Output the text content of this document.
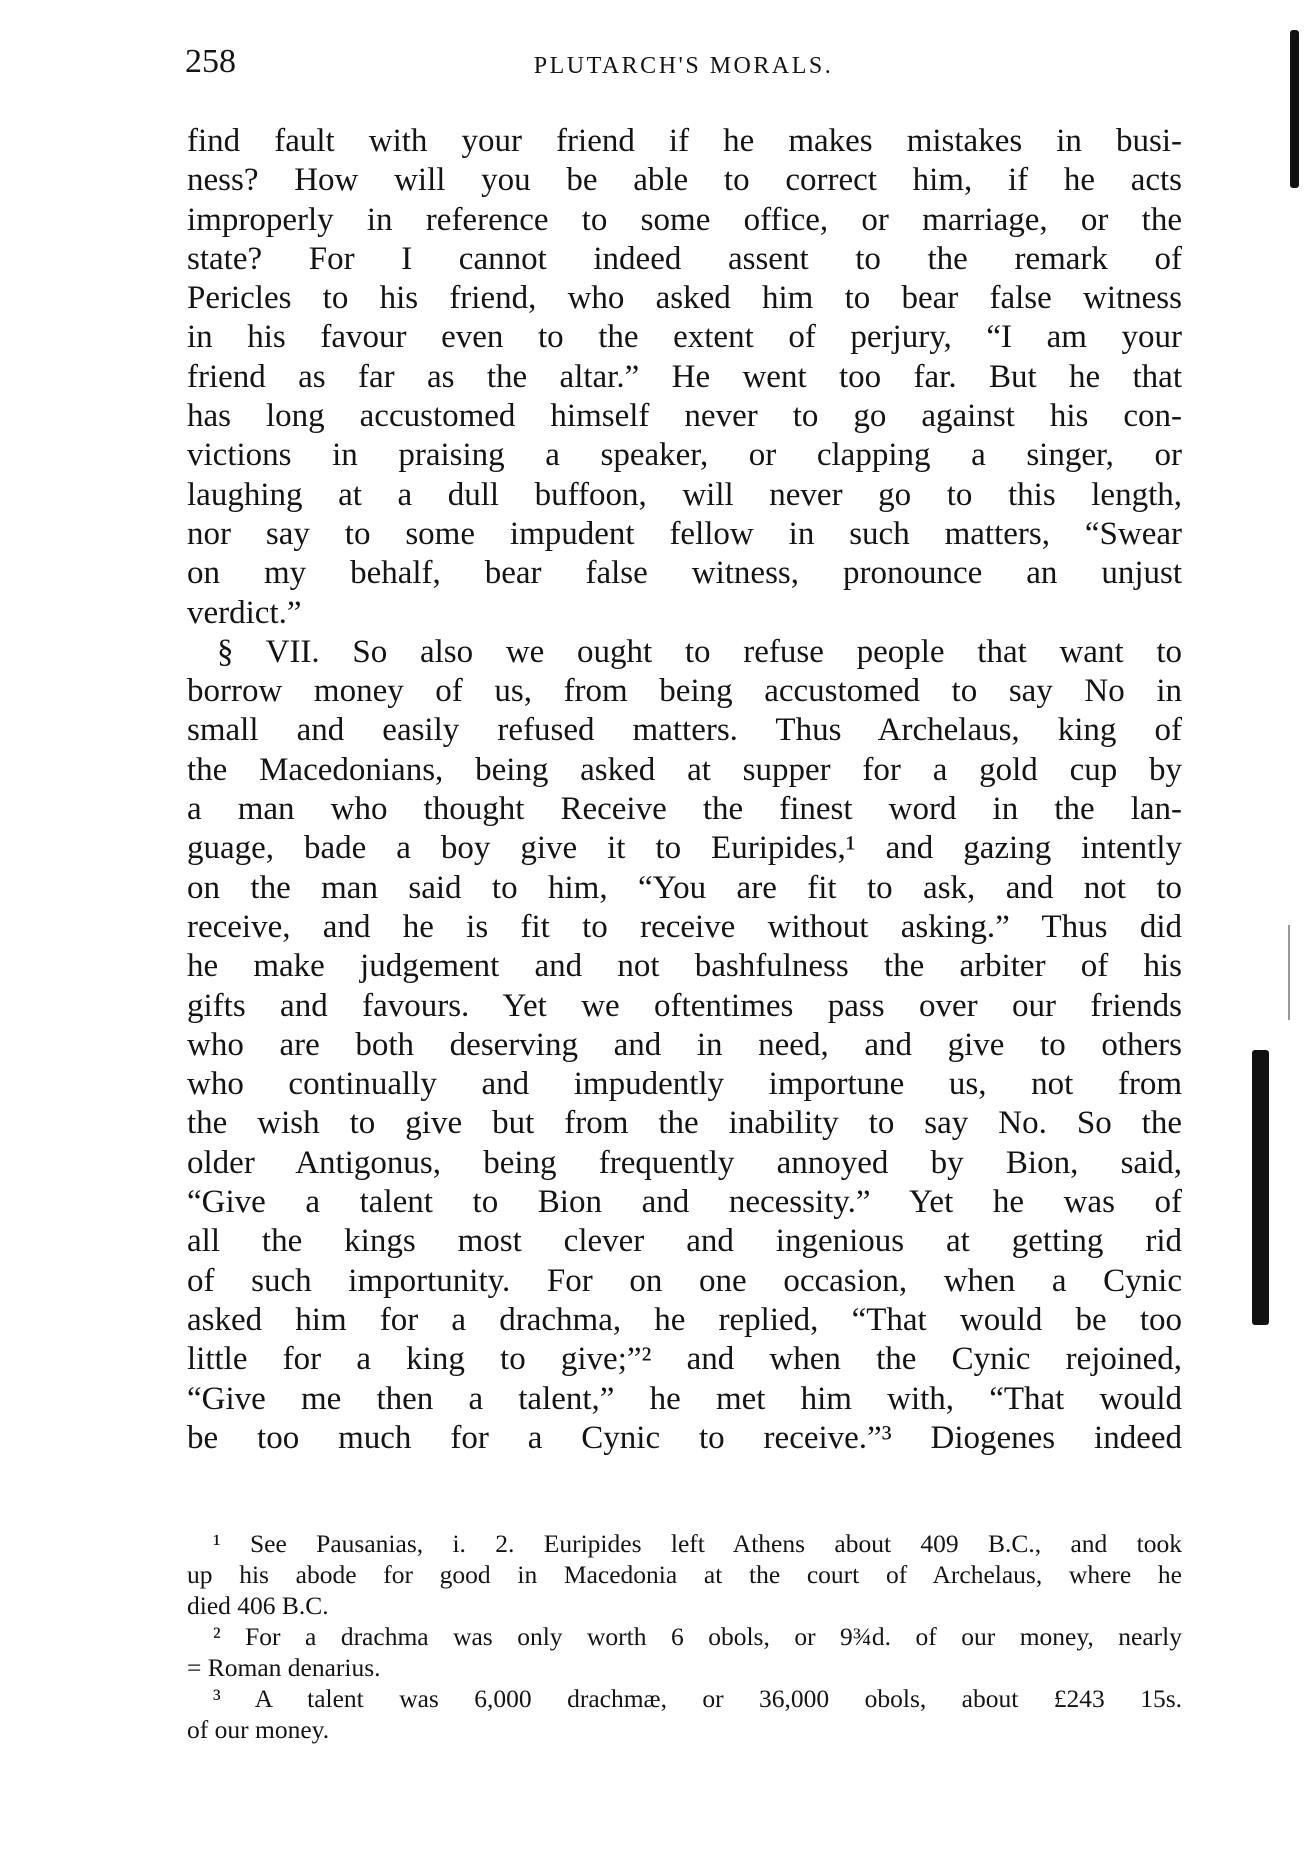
258	PLUTARCH'S MORALS.
find fault with your friend if he makes mistakes in busi-
ness? How will you be able to correct him, if he acts
improperly in reference to some office, or marriage, or the
state? For I cannot indeed assent to the remark of
Pericles to his friend, who asked him to bear false witness
in his favour even to the extent of perjury, “I am your
friend as far as the altar.” He went too far. But he that
has long accustomed himself never to go against his con-
victions in praising a speaker, or clapping a singer, or
laughing at a dull buffoon, will never go to this length,
nor say to some impudent fellow in such matters, “Swear
on my behalf, bear false witness, pronounce an unjust
verdict.”
§ VII. So also we ought to refuse people that want to
borrow money of us, from being accustomed to say No in
small and easily refused matters. Thus Archelaus, king of
the Macedonians, being asked at supper for a gold cup by
a man who thought Receive the finest word in the lan-
guage, bade a boy give it to Euripides,¹ and gazing intently
on the man said to him, “You are fit to ask, and not to
receive, and he is fit to receive without asking.” Thus did
he make judgement and not bashfulness the arbiter of his
gifts and favours. Yet we oftentimes pass over our friends
who are both deserving and in need, and give to others
who continually and impudently importune us, not from
the wish to give but from the inability to say No. So the
older Antigonus, being frequently annoyed by Bion, said,
“Give a talent to Bion and necessity.” Yet he was of
all the kings most clever and ingenious at getting rid
of such importunity. For on one occasion, when a Cynic
asked him for a drachma, he replied, “That would be too
little for a king to give;”² and when the Cynic rejoined,
“Give me then a talent,” he met him with, “That would
be too much for a Cynic to receive.”³ Diogenes indeed
¹ See Pausanias, i. 2. Euripides left Athens about 409 B.C., and took
up his abode for good in Macedonia at the court of Archelaus, where he
died 406 B.C.
² For a drachma was only worth 6 obols, or 9¾d. of our money, nearly
= Roman denarius.
³ A talent was 6,000 drachmæ, or 36,000 obols, about £243 15s.
of our money.
